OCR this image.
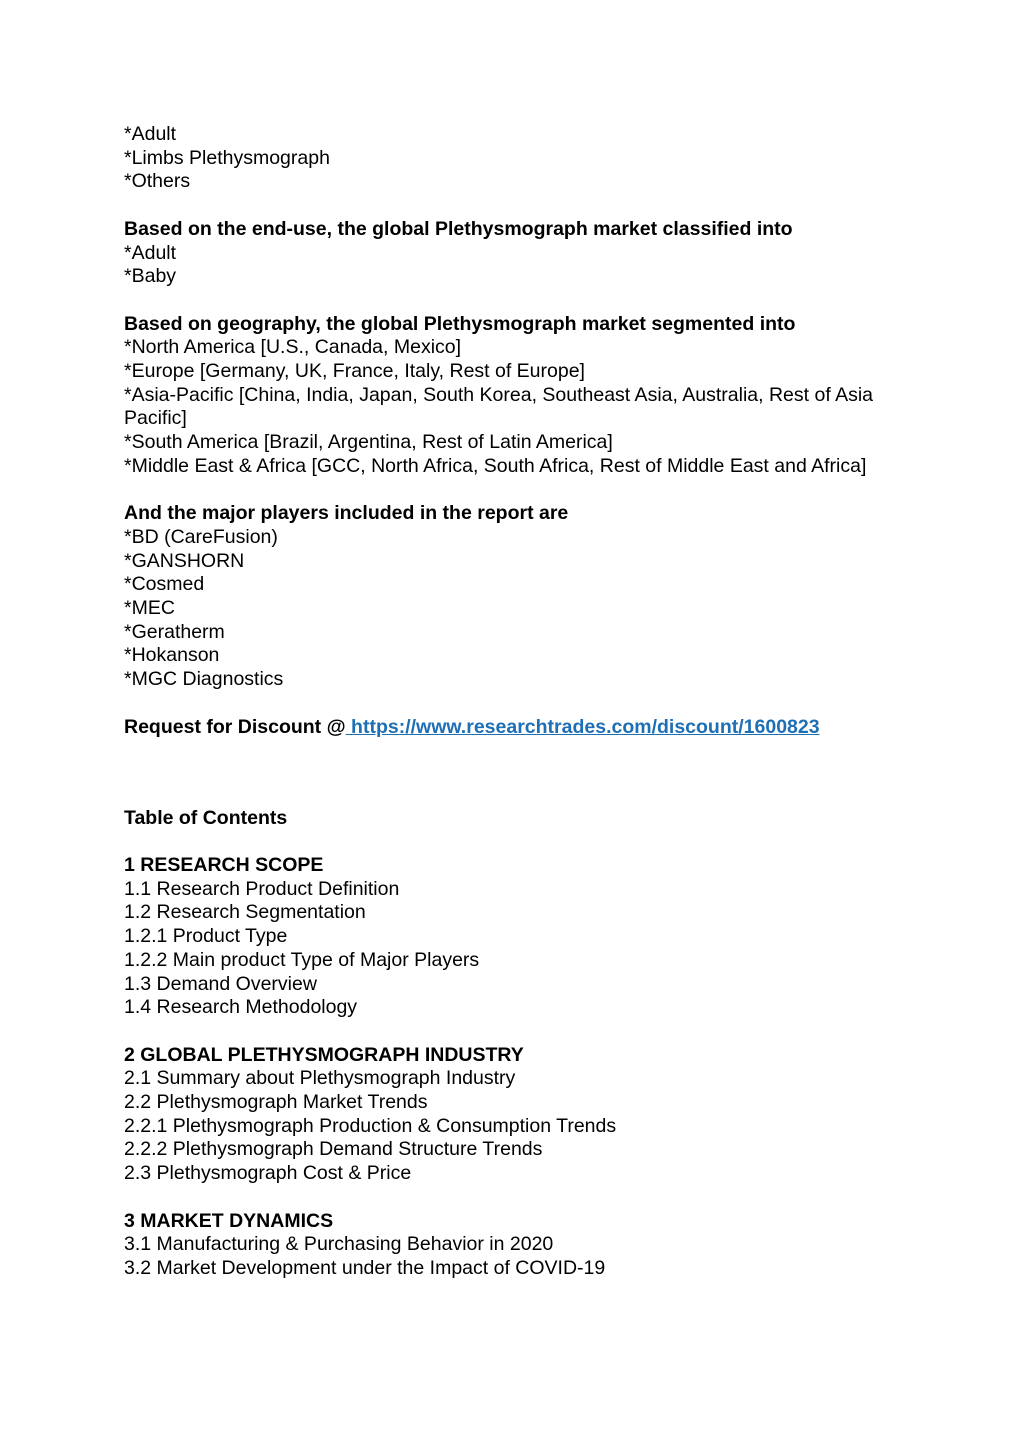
*Adult
*Limbs Plethysmograph
*Others
Based on the end-use, the global Plethysmograph market classified into
*Adult
*Baby
Based on geography, the global Plethysmograph market segmented into
*North America [U.S., Canada, Mexico]
*Europe [Germany, UK, France, Italy, Rest of Europe]
*Asia-Pacific [China, India, Japan, South Korea, Southeast Asia, Australia, Rest of Asia Pacific]
*South America [Brazil, Argentina, Rest of Latin America]
*Middle East & Africa [GCC, North Africa, South Africa, Rest of Middle East and Africa]
And the major players included in the report are
*BD (CareFusion)
*GANSHORN
*Cosmed
*MEC
*Geratherm
*Hokanson
*MGC Diagnostics
Request for Discount @ https://www.researchtrades.com/discount/1600823
Table of Contents
1 RESEARCH SCOPE
1.1 Research Product Definition
1.2 Research Segmentation
1.2.1 Product Type
1.2.2 Main product Type of Major Players
1.3 Demand Overview
1.4 Research Methodology
2 GLOBAL PLETHYSMOGRAPH INDUSTRY
2.1 Summary about Plethysmograph Industry
2.2 Plethysmograph Market Trends
2.2.1 Plethysmograph Production & Consumption Trends
2.2.2 Plethysmograph Demand Structure Trends
2.3 Plethysmograph Cost & Price
3 MARKET DYNAMICS
3.1 Manufacturing & Purchasing Behavior in 2020
3.2 Market Development under the Impact of COVID-19
